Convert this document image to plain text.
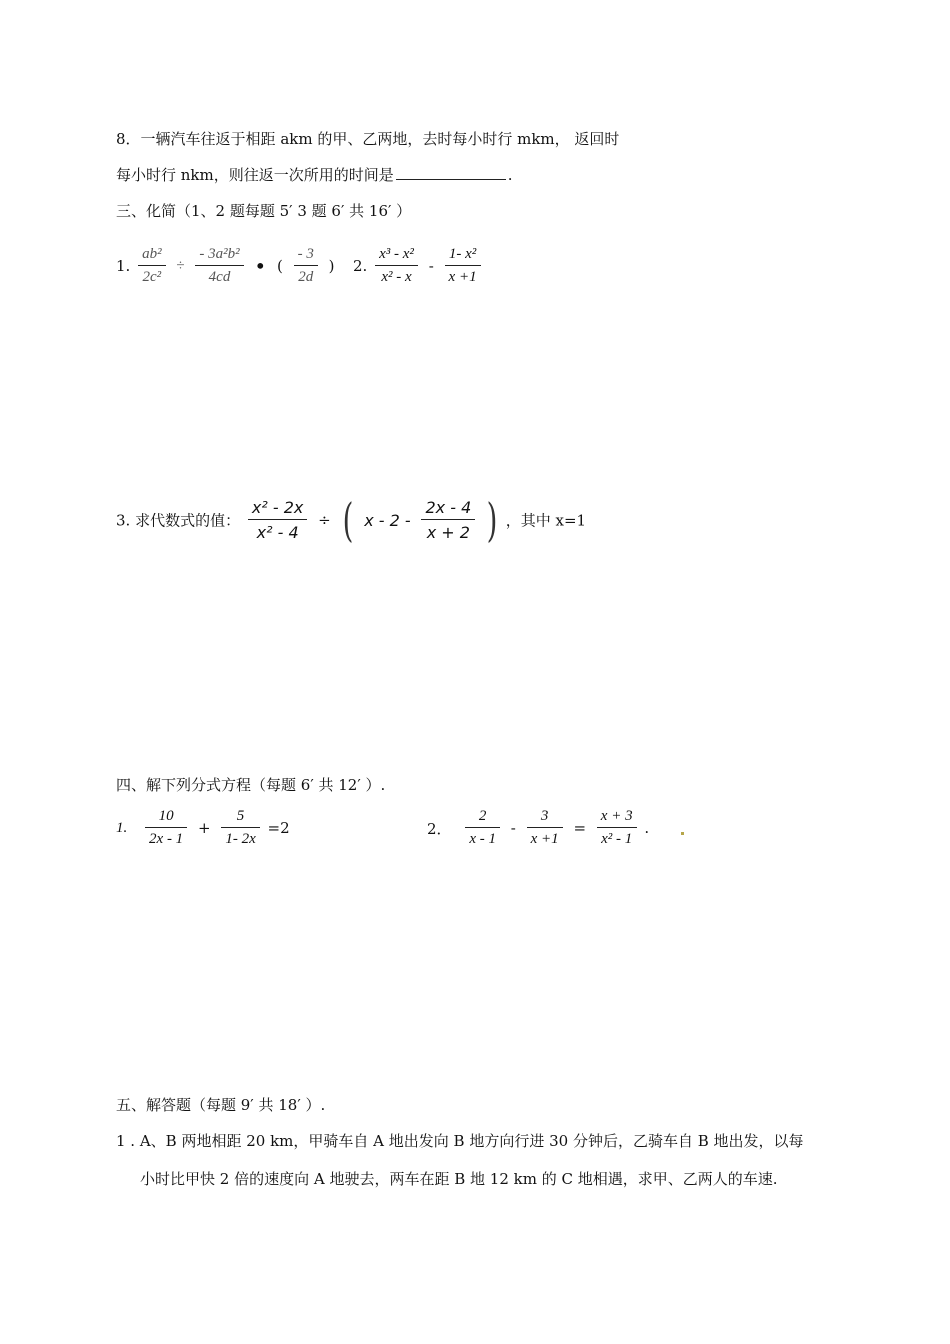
8．一辆汽车往返于相距 akm 的甲、乙两地，去时每小时行 mkm， 返回时
每小时行 nkm，则往返一次所用的时间是	.
三、化简（1、2 题每题 5′ 3 题 6′ 共 16′ ）
1. $\frac{\text{ab²}}{\text{2c²}} \div \frac{\text{- 3a²b²}}{4cd}$ • ( $\frac{- 3}{2d}$ ) 2. $\frac{\text{x³ - x²}}{\text{x² - x}} - \frac{\text{1- x²}}{x +1}$
3. 求代数式的值： $\frac{\text{x² - 2x}}{\text{x² - 4}}$ ÷ ( x - $2 - \frac{2x - 4}{x + 2}$ ) ，其中 x=1
四、解下列分式方程（每题 6′ 共 12′ ）.
1. $\frac{10}{2x - 1} + \frac{5}{1- 2x} =2$	2． $\frac{2}{x - 1} - \frac{3}{x +1} = \frac{x + 3}{\text{x² - 1}}$ .
五、解答题（每题 9′ 共 18′ ）.
1 . A、B 两地相距 20 km，甲骑车自 A 地出发向 B 地方向行进 30 分钟后，乙骑车自 B 地出发，以每
小时比甲快 2 倍的速度向 A 地驶去，两车在距 B 地 12 km 的 C 地相遇，求甲、乙两人的车速.
